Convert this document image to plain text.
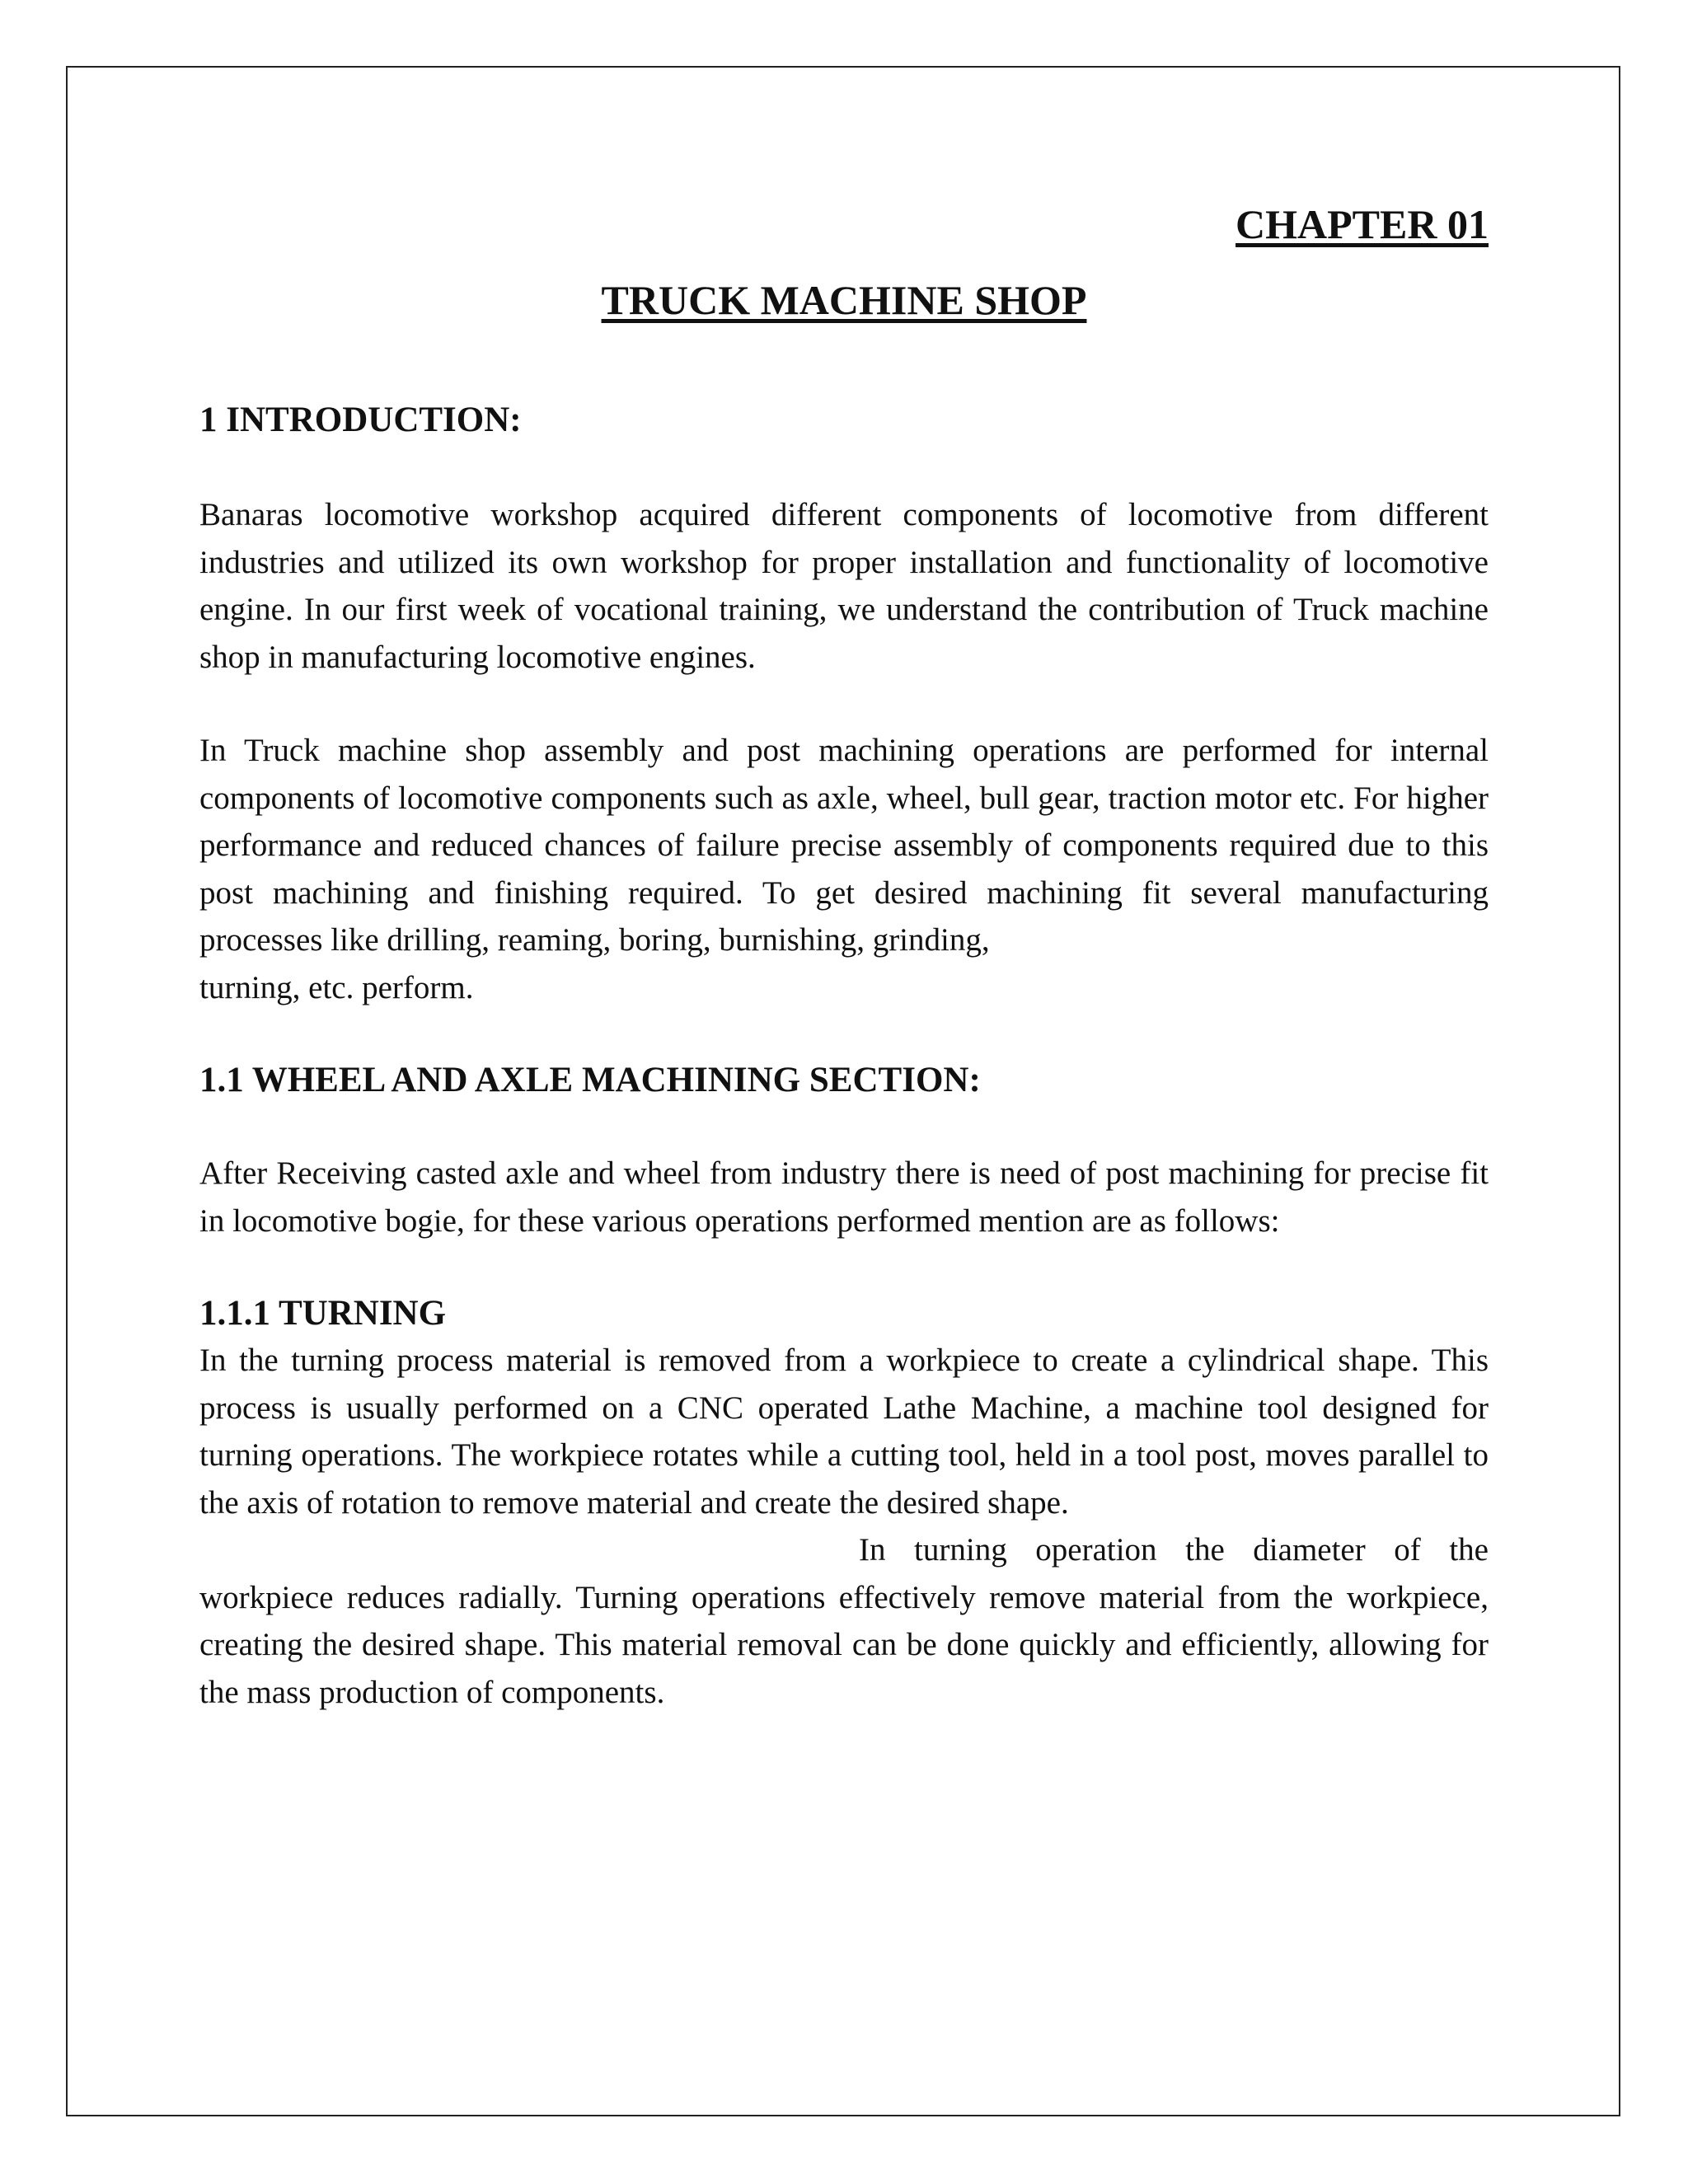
CHAPTER 01
TRUCK MACHINE SHOP
1 INTRODUCTION:

Banaras locomotive workshop acquired different components of locomotive from different industries and utilized its own workshop for proper installation and functionality of locomotive engine. In our first week of vocational training, we understand the contribution of Truck machine shop in manufacturing locomotive engines.

In Truck machine shop assembly and post machining operations are performed for internal components of locomotive components such as axle, wheel, bull gear, traction motor etc. For higher performance and reduced chances of failure precise assembly of components required due to this post machining and finishing required. To get desired machining fit several manufacturing processes like drilling, reaming, boring, burnishing, grinding,

turning, etc. perform.

1.1 WHEEL AND AXLE MACHINING SECTION:

After Receiving casted axle and wheel from industry there is need of post machining for precise fit in locomotive bogie, for these various operations performed mention are as follows:

1.1.1 TURNING

In the turning process material is removed from a workpiece to create a cylindrical shape. This process is usually performed on a CNC operated Lathe Machine, a machine tool designed for turning operations. The workpiece rotates while a cutting tool, held in a tool post, moves parallel to the axis of rotation to remove material and create the desired shape.

In turning operation the diameter of the workpiece reduces radially. Turning operations effectively remove material from the workpiece, creating the desired shape. This material removal can be done quickly and efficiently, allowing for the mass production of components.
